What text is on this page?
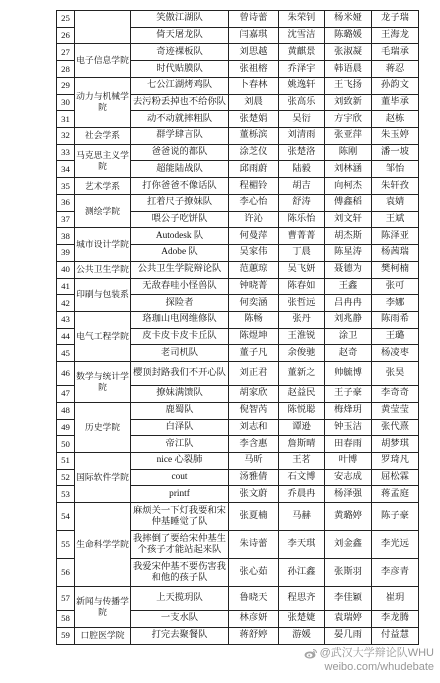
25		笑傲江湖队	曾诗蕾	朱荣钊	杨米娅	龙子瑞
26		倚天屠龙队	闫嘉琪	沈雪洁	陈璐媛	王海龙
27	电子信息学院	奇迹裸板队	刘思越	黄麒景	张淑凝	毛瑞承
28		时代贴膜队	张祖榕	乔泽宇	韩语晨	蒋忍
29	动力与机械学院	七公江湖烤鸡队	卜春林	姚逸轩	王飞扬	孙韵文
30		去污粉丢掉也不给你队	刘晨	张高乐	刘致新	董毕承
31		动不动就摔粗队	张楚娟	吴衍	方宇欣	赵栋
32	社会学系	群学肆言队	董栎滨	刘清雨	张亚萍	朱玉婷
33	马克思主义学院	爸爸说的都队	涂芝仪	张楚洛	陈刚	潘一坡
34		超能陆战队	邱雨蔚	陆毅	刘林涵	邹怡
35	艺术学系	打你爸爸不像话队	程楣铃	胡吉	向柯杰	朱轩孜
36	测绘学院	扛着尺子撩妹队	李心怡	舒涛	傅鑫稻	袁婧
37		喂公子吃饼队	许沁	陈乐怡	刘文轩	王斌
38	城市设计学院	Autodesk 队	何曼萍	曹菁菁	胡杰斯	陈泽亚
39		Adobe 队	吴家伟	丁晨	陈星涛	杨茜瑞
40	公共卫生学院	公共卫生学院辩论队	范蕙琼	吴飞妍	聂德为	樊柯楠
41	印刷与包装系	无敌春哇小怪兽队	钟晓菁	陈春如	王鑫	张可
42		探险者	何奕涵	张哲远	吕冉冉	李娜
43	电气工程学院	珞珈山电网维修队	陈畅	张丹	刘兆静	陈雨希
44		皮卡皮卡皮卡丘队	陈煜坤	王淮锐	涂卫	王璐
45		老司机队	董子凡	余俊驰	赵奇	杨凌枣
46	数学与统计学院	樱顶封路我们不开心队	刘正君	董新之	帅毓博	张昊
47		撩妹满馈队	胡家欣	赵益民	王子豪	李奇奇
48	历史学院	鹿蜀队	倪智芮	陈悦聪	梅烽玥	黄莹莹
49		白泽队	刘志和	谭逊	钟玉洁	张代熹
50		帝江队	李含惠	詹斯晴	田春雨	胡梦琪
51	国际软件学院	nice 心裂肺	马昕	王茗	叶博	罗琦凡
52		cout	汤雅倩	石文博	安志成	屈松霖
53		printf	张文蔚	乔晨冉	杨泽强	蒋孟庭
54	生命科学学院	麻烦关一下灯我要和宋仲基睡觉了队	张夏楠	马赫	黄璐婷	陈子豪
55		我摔倒了要给宋仲基生个孩子才能站起来队	朱诗蕾	李天琪	刘金鑫	李光远
56		我爱宋仲基不要伤害我和他的孩子队	张心茹	孙江鑫	张斯羽	李彦青
57	新闻与传播学院	上天揽玥队	鲁晓天	程思齐	李佳颖	崔玥
58		一支水队	林彦妍	张楚婕	袁瑞婷	李龙腾
59	口腔医学院	打完去聚餐队	蒋舒婷	游媛	晏几雨	付益慧
@武汉大学辩论队WHU
weibo.com/whudebate
